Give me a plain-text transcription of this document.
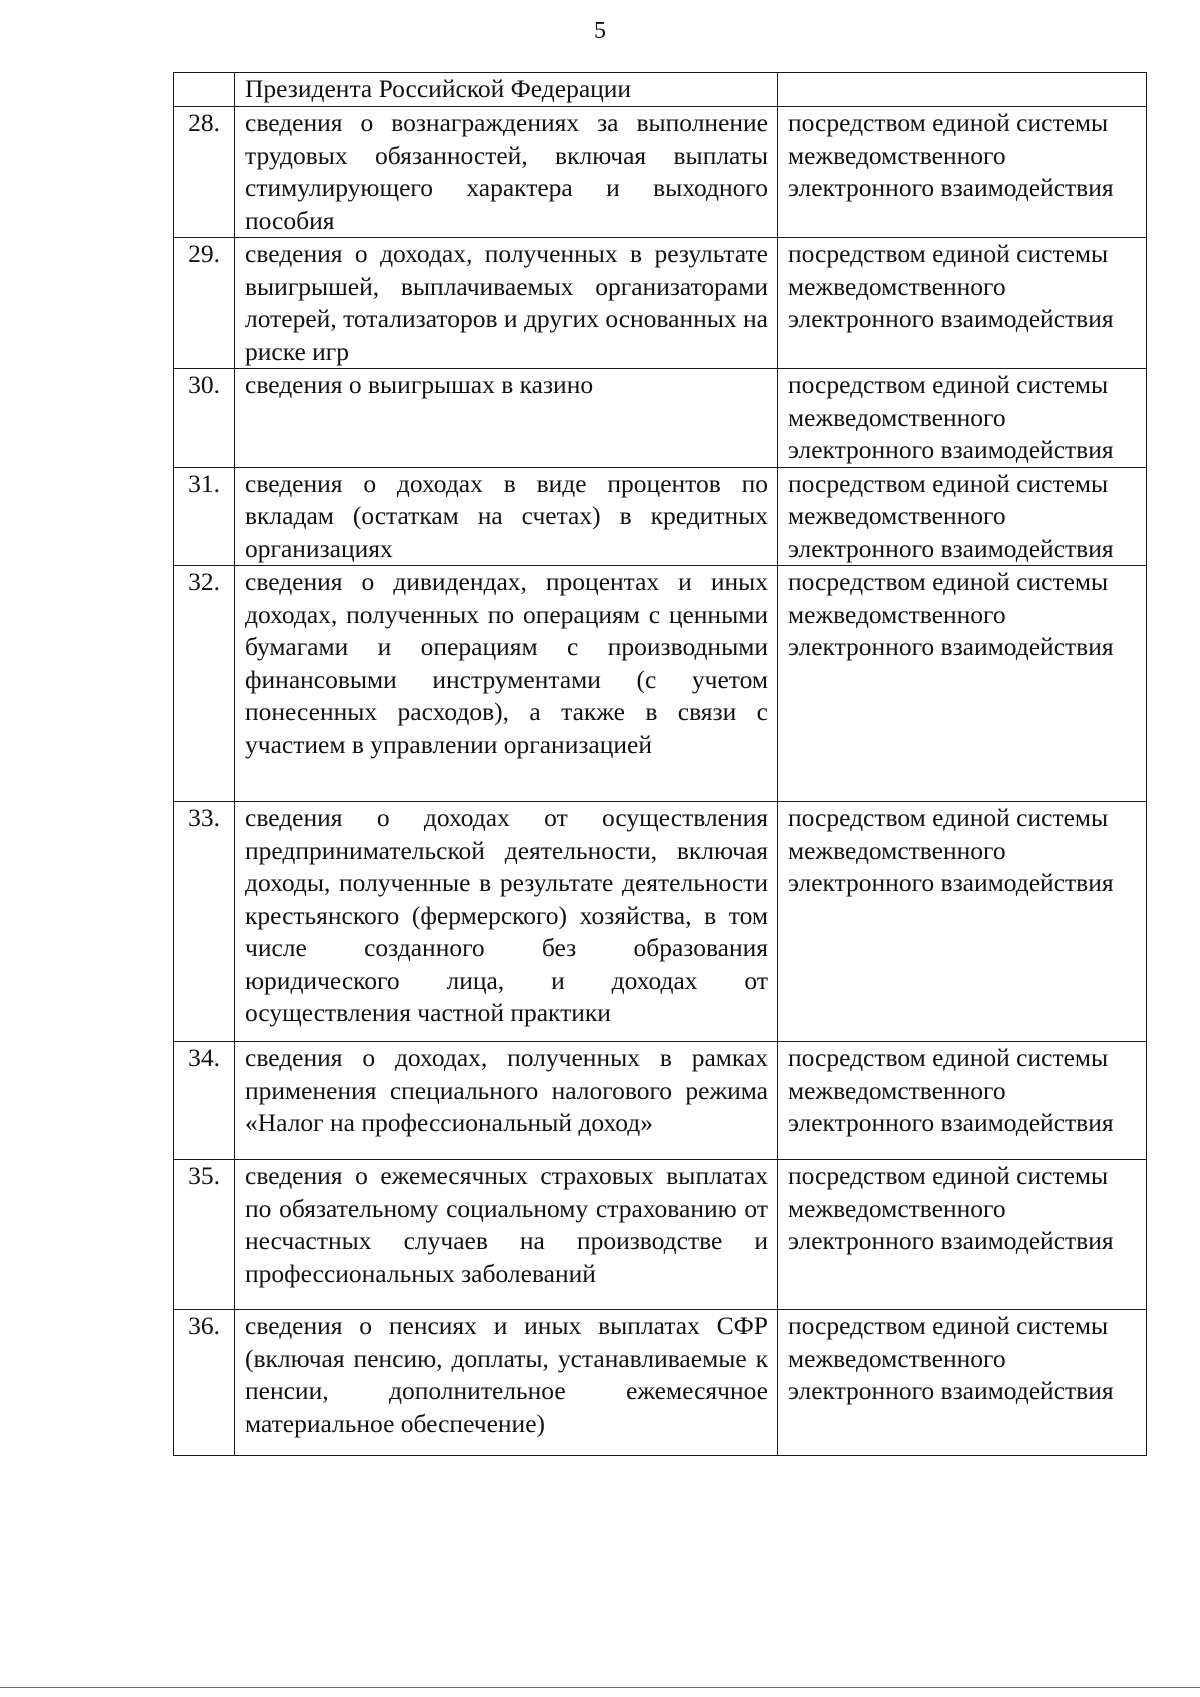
5
	Президента Российской Федерации	
28.	сведения о вознаграждениях за выполнение трудовых обязанностей, включая выплаты стимулирующего характера и выходного пособия	посредством единой системы межведомственного электронного взаимодействия
29.	сведения о доходах, полученных в результате выигрышей, выплачиваемых организаторами лотерей, тотализаторов и других основанных на риске игр	посредством единой системы межведомственного электронного взаимодействия
30.	сведения о выигрышах в казино	посредством единой системы межведомственного электронного взаимодействия
31.	сведения о доходах в виде процентов по вкладам (остаткам на счетах) в кредитных организациях	посредством единой системы межведомственного электронного взаимодействия
32.	сведения о дивидендах, процентах и иных доходах, полученных по операциям с ценными бумагами и операциям с производными финансовыми инструментами (с учетом понесенных расходов), а также в связи с участием в управлении организацией	посредством единой системы межведомственного электронного взаимодействия
33.	сведения о доходах от осуществления предпринимательской деятельности, включая доходы, полученные в результате деятельности крестьянского (фермерского) хозяйства, в том числе созданного без образования юридического лица, и доходах от осуществления частной практики	посредством единой системы межведомственного электронного взаимодействия
34.	сведения о доходах, полученных в рамках применения специального налогового режима «Налог на профессиональный доход»	посредством единой системы межведомственного электронного взаимодействия
35.	сведения о ежемесячных страховых выплатах по обязательному социальному страхованию от несчастных случаев на производстве и профессиональных заболеваний	посредством единой системы межведомственного электронного взаимодействия
36.	сведения о пенсиях и иных выплатах СФР (включая пенсию, доплаты, устанавливаемые к пенсии, дополнительное ежемесячное материальное обеспечение)	посредством единой системы межведомственного электронного взаимодействия
